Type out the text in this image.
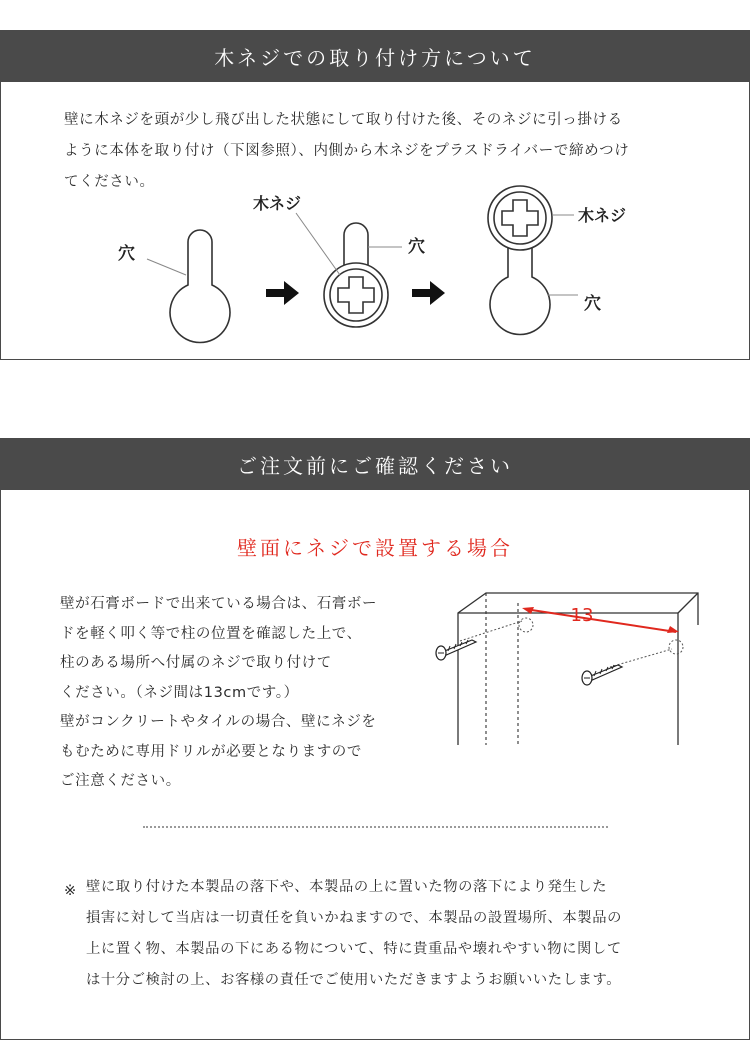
木ネジでの取り付け方について
壁に木ネジを頭が少し飛び出した状態にして取り付けた後、そのネジに引っ掛ける
ように本体を取り付け（下図参照）、内側から木ネジをプラスドライバーで締めつけ
てください。
穴
木ネジ
穴
木ネジ
穴
ご注文前にご確認ください
壁面にネジで設置する場合
壁が石膏ボードで出来ている場合は、石膏ボー
ドを軽く叩く等で柱の位置を確認した上で、
柱のある場所へ付属のネジで取り付けて
ください。（ネジ間は13cmです。）
壁がコンクリートやタイルの場合、壁にネジを
もむために専用ドリルが必要となりますので
ご注意ください。
13
※ 壁に取り付けた本製品の落下や、本製品の上に置いた物の落下により発生した
損害に対して当店は一切責任を負いかねますので、本製品の設置場所、本製品の
上に置く物、本製品の下にある物について、特に貴重品や壊れやすい物に関して
は十分ご検討の上、お客様の責任でご使用いただきますようお願いいたします。
